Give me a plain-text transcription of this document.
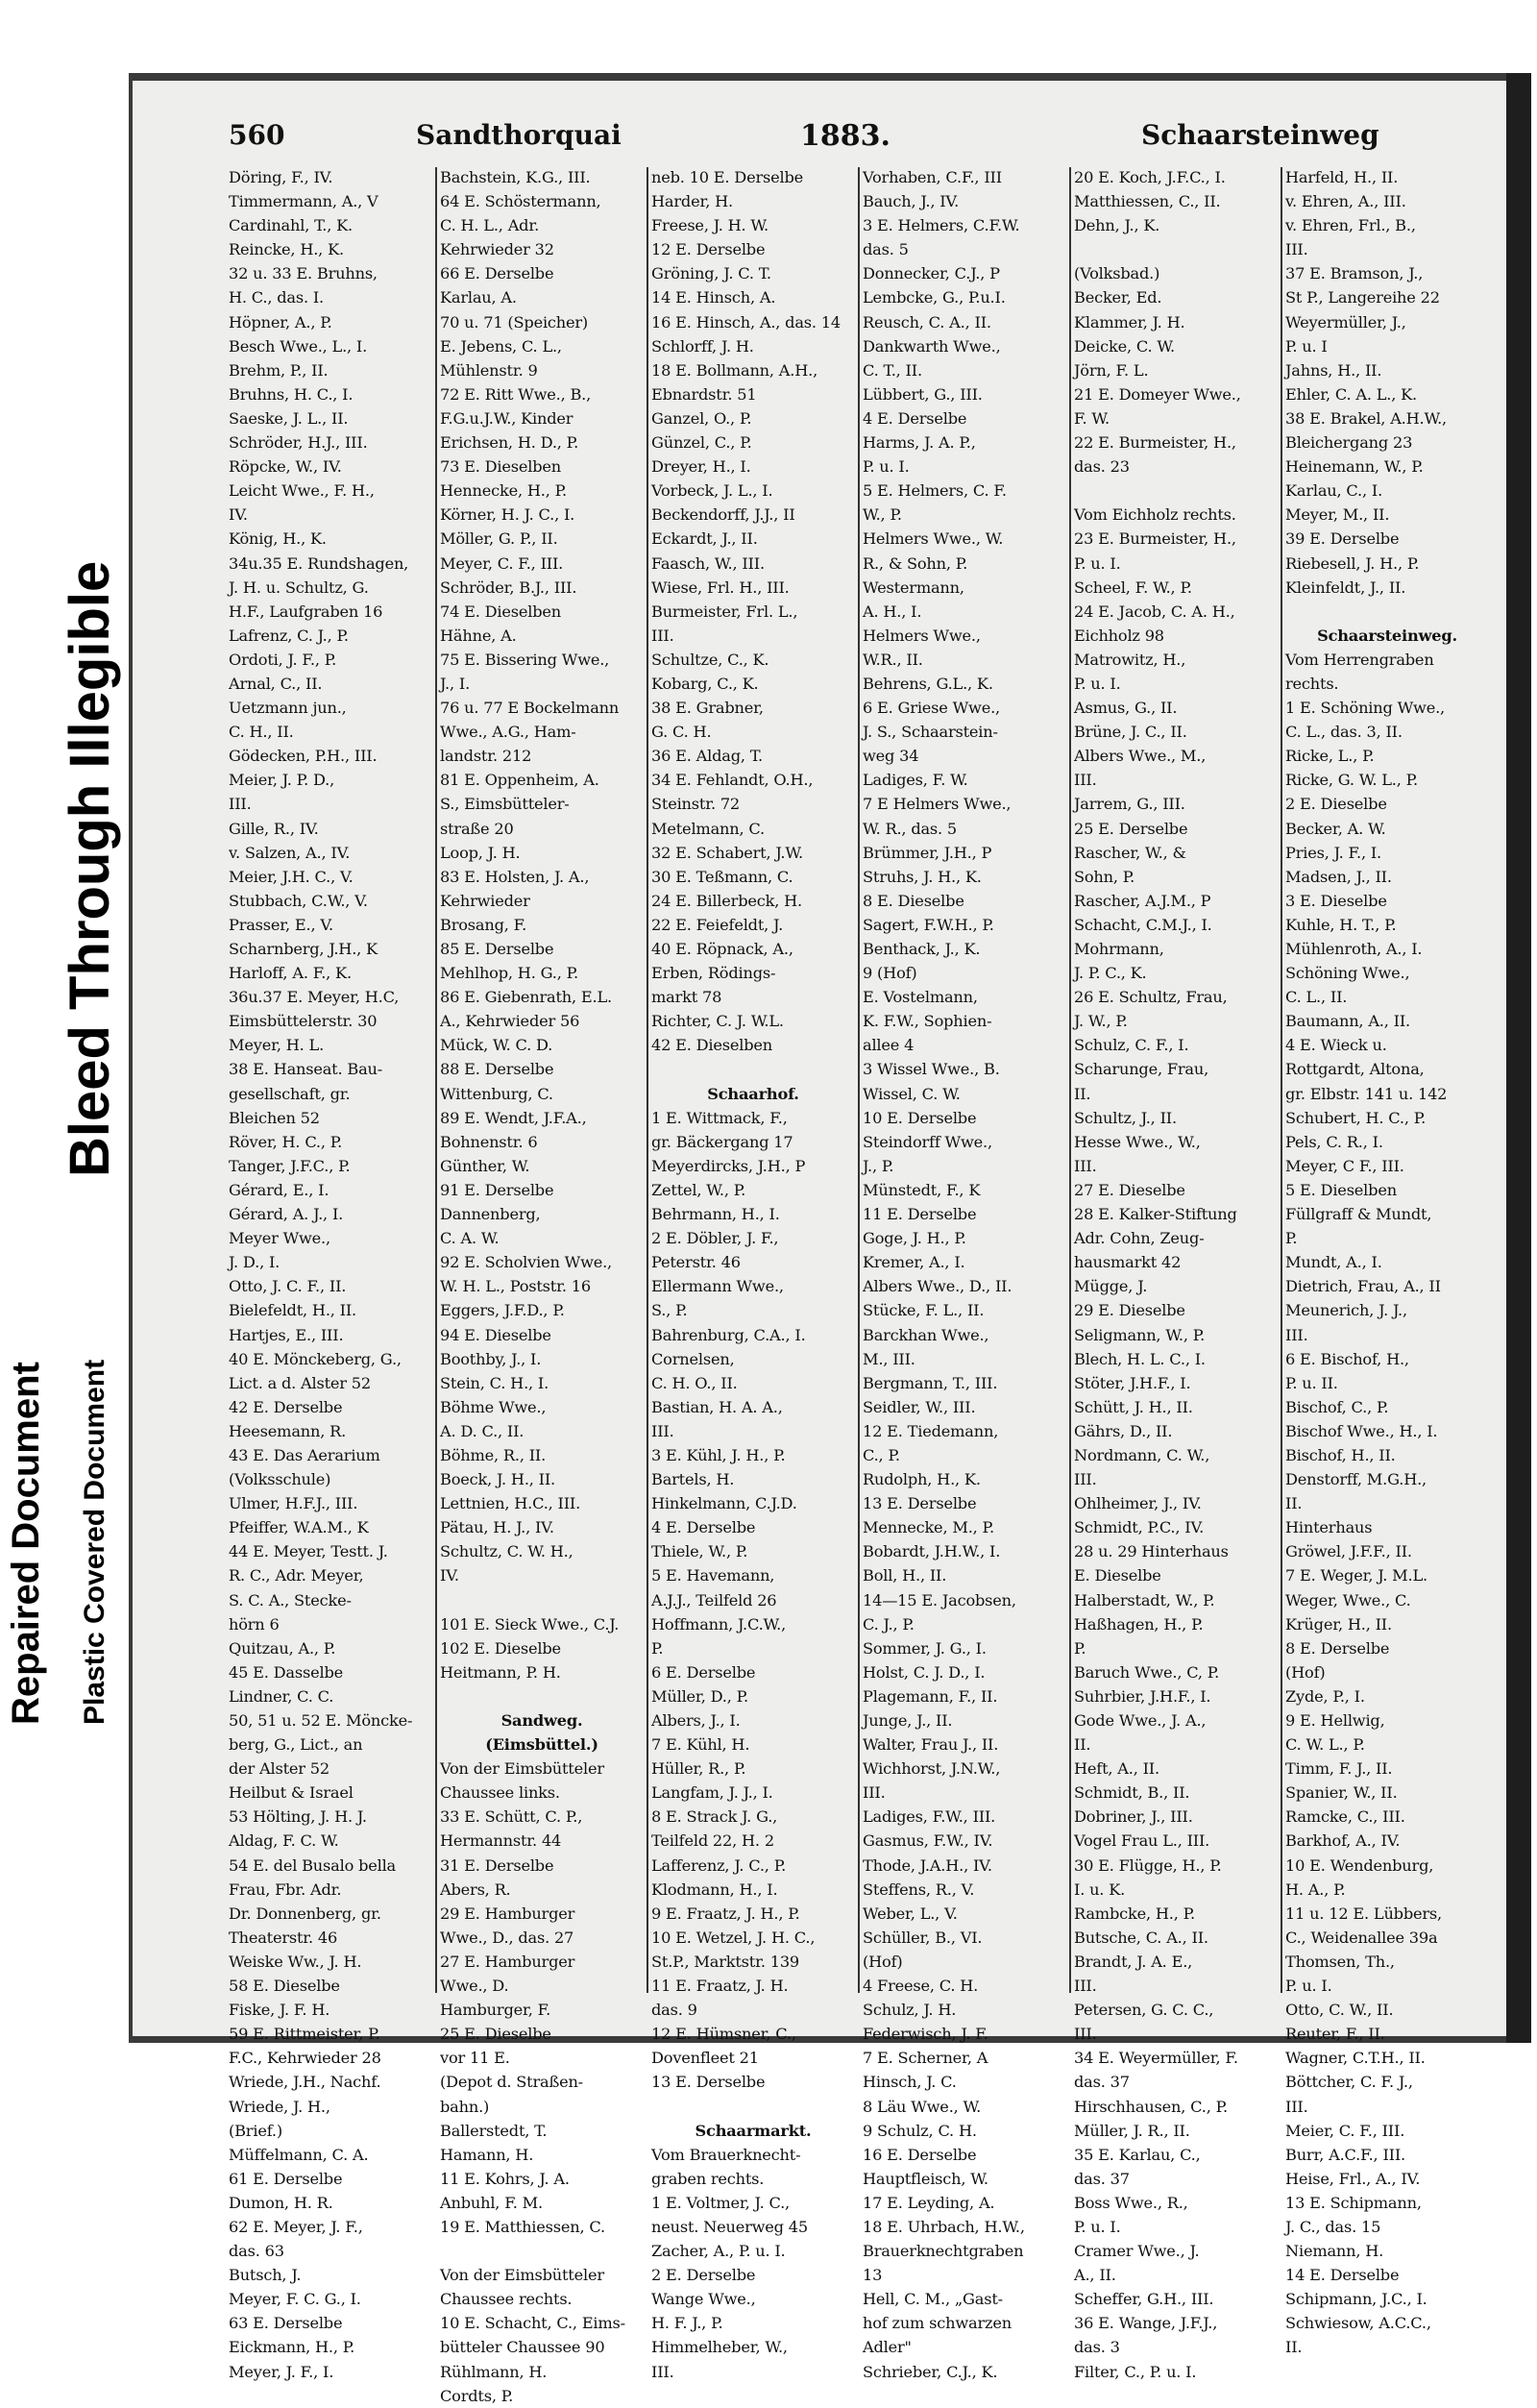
Bleed Through Illegible
Repaired Document Plastic Covered Document
560	Sandthorquai	1883.	Schaarsteinweg

Döring, F., IV.

Timmermann, A., V

Cardinahl, T., K.

Reincke, H., K.

32 u. 33 E. Bruhns,

H. C., das. I.

Höpner, A., P.

Besch Wwe., L., I.

Brehm, P., II.

Bruhns, H. C., I.

Saeske, J. L., II.

Schröder, H.J., III.

Röpcke, W., IV.

Leicht Wwe., F. H.,

IV.

König, H., K.

34u.35 E. Rundshagen,

J. H. u. Schultz, G.

H.F., Laufgraben 16

Lafrenz, C. J., P.

Ordoti, J. F., P.

Arnal, C., II.

Uetzmann jun.,

C. H., II.

Gödecken, P.H., III.

Meier, J. P. D.,

III.

Gille, R., IV.

v. Salzen, A., IV.

Meier, J.H. C., V.

Stubbach, C.W., V.

Prasser, E., V.

Scharnberg, J.H., K

Harloff, A. F., K.

36u.37 E. Meyer, H.C,

Eimsbüttelerstr. 30

Meyer, H. L.

38 E. Hanseat. Bau-

gesellschaft, gr.

Bleichen 52

Röver, H. C., P.

Tanger, J.F.C., P.

Gérard, E., I.

Gérard, A. J., I.

Meyer Wwe.,

J. D., I.

Otto, J. C. F., II.

Bielefeldt, H., II.

Hartjes, E., III.

40 E. Mönckeberg, G.,

Lict. a d. Alster 52

42 E. Derselbe

Heesemann, R.

43 E. Das Aerarium

(Volksschule)

Ulmer, H.F.J., III.

Pfeiffer, W.A.M., K

44 E. Meyer, Testt. J.

R. C., Adr. Meyer,

S. C. A., Stecke-

hörn 6

Quitzau, A., P.

45 E. Dasselbe

Lindner, C. C.

50, 51 u. 52 E. Möncke-

berg, G., Lict., an

der Alster 52

Heilbut & Israel

53 Hölting, J. H. J.

Aldag, F. C. W.

54 E. del Busalo bella

Frau, Fbr. Adr.

Dr. Donnenberg, gr.

Theaterstr. 46

Weiske Ww., J. H.

58 E. Dieselbe

Fiske, J. F. H.

59 E. Rittmeister, P.

F.C., Kehrwieder 28

Wriede, J.H., Nachf.

Wriede, J. H.,

(Brief.)

Müffelmann, C. A.

61 E. Derselbe

Dumon, H. R.

62 E. Meyer, J. F.,

das. 63

Butsch, J.

Meyer, F. C. G., I.

63 E. Derselbe

Eickmann, H., P.

Meyer, J. F., I.

Bachstein, K.G., III.

64 E. Schöstermann,

C. H. L., Adr.

Kehrwieder 32

66 E. Derselbe

Karlau, A.

70 u. 71 (Speicher)

E. Jebens, C. L.,

Mühlenstr. 9

72 E. Ritt Wwe., B.,

F.G.u.J.W., Kinder

Erichsen, H. D., P.

73 E. Dieselben

Hennecke, H., P.

Körner, H. J. C., I.

Möller, G. P., II.

Meyer, C. F., III.

Schröder, B.J., III.

74 E. Dieselben

Hähne, A.

75 E. Bissering Wwe.,

J., I.

76 u. 77 E Bockelmann

Wwe., A.G., Ham-

landstr. 212

81 E. Oppenheim, A.

S., Eimsbütteler-

straße 20

Loop, J. H.

83 E. Holsten, J. A.,

Kehrwieder

Brosang, F.

85 E. Derselbe

Mehlhop, H. G., P.

86 E. Giebenrath, E.L.

A., Kehrwieder 56

Mück, W. C. D.

88 E. Derselbe

Wittenburg, C.

89 E. Wendt, J.F.A.,

Bohnenstr. 6

Günther, W.

91 E. Derselbe

Dannenberg,

C. A. W.

92 E. Scholvien Wwe.,

W. H. L., Poststr. 16

Eggers, J.F.D., P.

94 E. Dieselbe

Boothby, J., I.

Stein, C. H., I.

Böhme Wwe.,

A. D. C., II.

Böhme, R., II.

Boeck, J. H., II.

Lettnien, H.C., III.

Pätau, H. J., IV.

Schultz, C. W. H.,

IV.

101 E. Sieck Wwe., C.J.

102 E. Dieselbe

Heitmann, P. H.

Sandweg.

(Eimsbüttel.)

Von der Eimsbütteler

Chaussee links.

33 E. Schütt, C. P.,

Hermannstr. 44

31 E. Derselbe

Abers, R.

29 E. Hamburger

Wwe., D., das. 27

27 E. Hamburger

Wwe., D.

Hamburger, F.

25 E. Dieselbe

vor 11 E.

(Depot d. Straßen-

bahn.)

Ballerstedt, T.

Hamann, H.

11 E. Kohrs, J. A.

Anbuhl, F. M.

19 E. Matthiessen, C.

Von der Eimsbütteler

Chaussee rechts.

10 E. Schacht, C., Eims-

bütteler Chaussee 90

Rühlmann, H.

Cordts, P.

neb. 10 E. Derselbe

Harder, H.

Freese, J. H. W.

12 E. Derselbe

Gröning, J. C. T.

14 E. Hinsch, A.

16 E. Hinsch, A., das. 14

Schlorff, J. H.

18 E. Bollmann, A.H.,

Ebnardstr. 51

Ganzel, O., P.

Günzel, C., P.

Dreyer, H., I.

Vorbeck, J. L., I.

Beckendorff, J.J., II

Eckardt, J., II.

Faasch, W., III.

Wiese, Frl. H., III.

Burmeister, Frl. L.,

III.

Schultze, C., K.

Kobarg, C., K.

38 E. Grabner,

G. C. H.

36 E. Aldag, T.

34 E. Fehlandt, O.H.,

Steinstr. 72

Metelmann, C.

32 E. Schabert, J.W.

30 E. Teßmann, C.

24 E. Billerbeck, H.

22 E. Feiefeldt, J.

40 E. Röpnack, A.,

Erben, Rödings-

markt 78

Richter, C. J. W.L.

42 E. Dieselben

Schaarhof.

1 E. Wittmack, F.,

gr. Bäckergang 17

Meyerdircks, J.H., P

Zettel, W., P.

Behrmann, H., I.

2 E. Döbler, J. F.,

Peterstr. 46

Ellermann Wwe.,

S., P.

Bahrenburg, C.A., I.

Cornelsen,

C. H. O., II.

Bastian, H. A. A.,

III.

3 E. Kühl, J. H., P.

Bartels, H.

Hinkelmann, C.J.D.

4 E. Derselbe

Thiele, W., P.

5 E. Havemann,

A.J.J., Teilfeld 26

Hoffmann, J.C.W.,

P.

6 E. Derselbe

Müller, D., P.

Albers, J., I.

7 E. Kühl, H.

Hüller, R., P.

Langfam, J. J., I.

8 E. Strack J. G.,

Teilfeld 22, H. 2

Lafferenz, J. C., P.

Klodmann, H., I.

9 E. Fraatz, J. H., P.

10 E. Wetzel, J. H. C.,

St.P., Marktstr. 139

11 E. Fraatz, J. H.

das. 9

12 E. Hümsner, C.,

Dovenfleet 21

13 E. Derselbe

Schaarmarkt.

Vom Brauerknecht-

graben rechts.

1 E. Voltmer, J. C.,

neust. Neuerweg 45

Zacher, A., P. u. I.

2 E. Derselbe

Wange Wwe.,

H. F. J., P.

Himmelheber, W.,

III.

Vorhaben, C.F., III

Bauch, J., IV.

3 E. Helmers, C.F.W.

das. 5

Donnecker, C.J., P

Lembcke, G., P.u.I.

Reusch, C. A., II.

Dankwarth Wwe.,

C. T., II.

Lübbert, G., III.

4 E. Derselbe

Harms, J. A. P.,

P. u. I.

5 E. Helmers, C. F.

W., P.

Helmers Wwe., W.

R., & Sohn, P.

Westermann,

A. H., I.

Helmers Wwe.,

W.R., II.

Behrens, G.L., K.

6 E. Griese Wwe.,

J. S., Schaarstein-

weg 34

Ladiges, F. W.

7 E Helmers Wwe.,

W. R., das. 5

Brümmer, J.H., P

Struhs, J. H., K.

8 E. Dieselbe

Sagert, F.W.H., P.

Benthack, J., K.

9 (Hof)

E. Vostelmann,

K. F.W., Sophien-

allee 4

3 Wissel Wwe., B.

Wissel, C. W.

10 E. Derselbe

Steindorff Wwe.,

J., P.

Münstedt, F., K

11 E. Derselbe

Goge, J. H., P.

Kremer, A., I.

Albers Wwe., D., II.

Stücke, F. L., II.

Barckhan Wwe.,

M., III.

Bergmann, T., III.

Seidler, W., III.

12 E. Tiedemann,

C., P.

Rudolph, H., K.

13 E. Derselbe

Mennecke, M., P.

Bobardt, J.H.W., I.

Boll, H., II.

14—15 E. Jacobsen,

C. J., P.

Sommer, J. G., I.

Holst, C. J. D., I.

Plagemann, F., II.

Junge, J., II.

Walter, Frau J., II.

Wichhorst, J.N.W.,

III.

Ladiges, F.W., III.

Gasmus, F.W., IV.

Thode, J.A.H., IV.

Steffens, R., V.

Weber, L., V.

Schüller, B., VI.

(Hof)

4 Freese, C. H.

Schulz, J. H.

Federwisch, J. F.

7 E. Scherner, A

Hinsch, J. C.

8 Läu Wwe., W.

9 Schulz, C. H.

16 E. Derselbe

Hauptfleisch, W.

17 E. Leyding, A.

18 E. Uhrbach, H.W.,

Brauerknechtgraben

13

Hell, C. M., „Gast-

hof zum schwarzen

Adler"

Schrieber, C.J., K.

20 E. Koch, J.F.C., I.

Matthiessen, C., II.

Dehn, J., K.

(Volksbad.)

Becker, Ed.

Klammer, J. H.

Deicke, C. W.

Jörn, F. L.

21 E. Domeyer Wwe.,

F. W.

22 E. Burmeister, H.,

das. 23

Vom Eichholz rechts.

23 E. Burmeister, H.,

P. u. I.

Scheel, F. W., P.

24 E. Jacob, C. A. H.,

Eichholz 98

Matrowitz, H.,

P. u. I.

Asmus, G., II.

Brüne, J. C., II.

Albers Wwe., M.,

III.

Jarrem, G., III.

25 E. Derselbe

Rascher, W., &

Sohn, P.

Rascher, A.J.M., P

Schacht, C.M.J., I.

Mohrmann,

J. P. C., K.

26 E. Schultz, Frau,

J. W., P.

Schulz, C. F., I.

Scharunge, Frau,

II.

Schultz, J., II.

Hesse Wwe., W.,

III.

27 E. Dieselbe

28 E. Kalker-Stiftung

Adr. Cohn, Zeug-

hausmarkt 42

Mügge, J.

29 E. Dieselbe

Seligmann, W., P.

Blech, H. L. C., I.

Stöter, J.H.F., I.

Schütt, J. H., II.

Gährs, D., II.

Nordmann, C. W.,

III.

Ohlheimer, J., IV.

Schmidt, P.C., IV.

28 u. 29 Hinterhaus

E. Dieselbe

Halberstadt, W., P.

Haßhagen, H., P.

P.

Baruch Wwe., C, P.

Suhrbier, J.H.F., I.

Gode Wwe., J. A.,

II.

Heft, A., II.

Schmidt, B., II.

Dobriner, J., III.

Vogel Frau L., III.

30 E. Flügge, H., P.

I. u. K.

Rambcke, H., P.

Butsche, C. A., II.

Brandt, J. A. E.,

III.

Petersen, G. C. C.,

III.

34 E. Weyermüller, F.

das. 37

Hirschhausen, C., P.

Müller, J. R., II.

35 E. Karlau, C.,

das. 37

Boss Wwe., R.,

P. u. I.

Cramer Wwe., J.

A., II.

Scheffer, G.H., III.

36 E. Wange, J.F.J.,

das. 3

Filter, C., P. u. I.

Harfeld, H., II.

v. Ehren, A., III.

v. Ehren, Frl., B.,

III.

37 E. Bramson, J.,

St P., Langereihe 22

Weyermüller, J.,

P. u. I

Jahns, H., II.

Ehler, C. A. L., K.

38 E. Brakel, A.H.W.,

Bleichergang 23

Heinemann, W., P.

Karlau, C., I.

Meyer, M., II.

39 E. Derselbe

Riebesell, J. H., P.

Kleinfeldt, J., II.

Schaarsteinweg.

Vom Herrengraben

rechts.

1 E. Schöning Wwe.,

C. L., das. 3, II.

Ricke, L., P.

Ricke, G. W. L., P.

2 E. Dieselbe

Becker, A. W.

Pries, J. F., I.

Madsen, J., II.

3 E. Dieselbe

Kuhle, H. T., P.

Mühlenroth, A., I.

Schöning Wwe.,

C. L., II.

Baumann, A., II.

4 E. Wieck u.

Rottgardt, Altona,

gr. Elbstr. 141 u. 142

Schubert, H. C., P.

Pels, C. R., I.

Meyer, C F., III.

5 E. Dieselben

Füllgraff & Mundt,

P.

Mundt, A., I.

Dietrich, Frau, A., II

Meunerich, J. J.,

III.

6 E. Bischof, H.,

P. u. II.

Bischof, C., P.

Bischof Wwe., H., I.

Bischof, H., II.

Denstorff, M.G.H.,

II.

Hinterhaus

Gröwel, J.F.F., II.

7 E. Weger, J. M.L.

Weger, Wwe., C.

Krüger, H., II.

8 E. Derselbe

(Hof)

Zyde, P., I.

9 E. Hellwig,

C. W. L., P.

Timm, F. J., II.

Spanier, W., II.

Ramcke, C., III.

Barkhof, A., IV.

10 E. Wendenburg,

H. A., P.

11 u. 12 E. Lübbers,

C., Weidenallee 39a

Thomsen, Th.,

P. u. I.

Otto, C. W., II.

Reuter, F., II.

Wagner, C.T.H., II.

Böttcher, C. F. J.,

III.

Meier, C. F., III.

Burr, A.C.F., III.

Heise, Frl., A., IV.

13 E. Schipmann,

J. C., das. 15

Niemann, H.

14 E. Derselbe

Schipmann, J.C., I.

Schwiesow, A.C.C.,

II.
